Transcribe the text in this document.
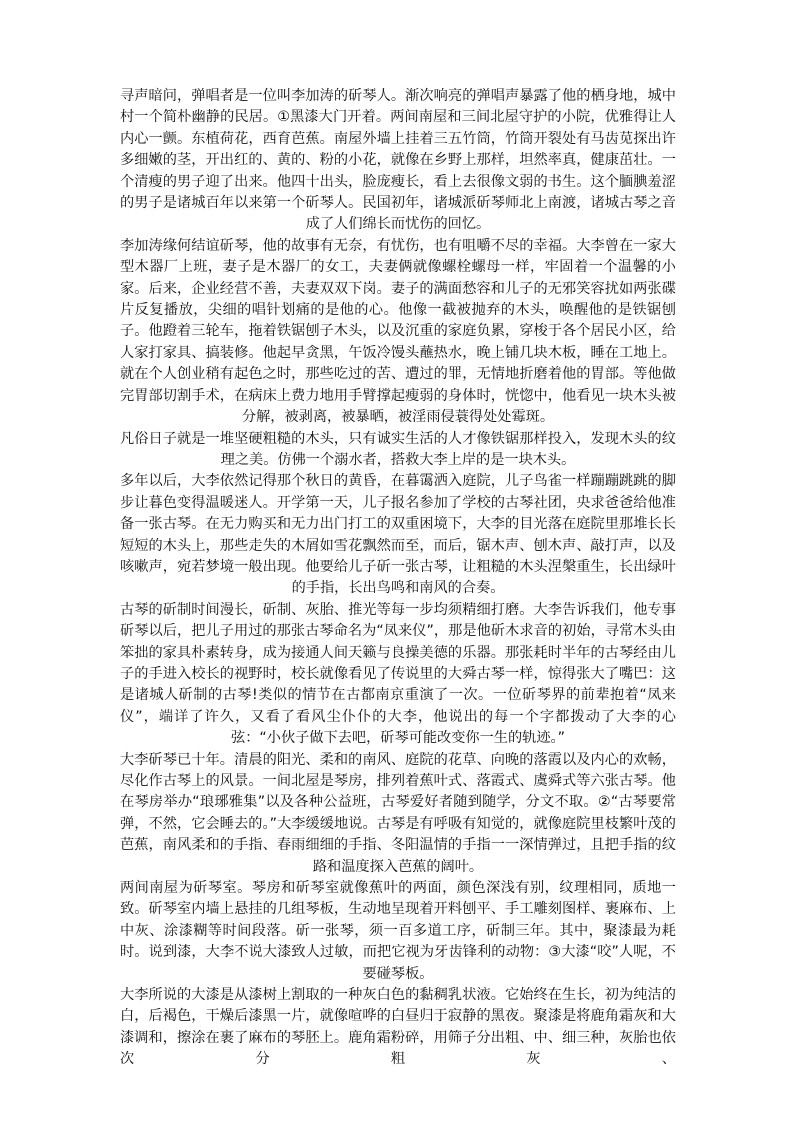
寻声暗问，弹唱者是一位叫李加涛的斫琴人。渐次响亮的弹唱声暴露了他的栖身地，城中村一个简朴幽静的民居。①黑漆大门开着。两间南屋和三间北屋守护的小院，优雅得让人内心一颤。东植荷花，西育芭蕉。南屋外墙上挂着三五竹筒，竹筒开裂处有马齿苋探出许多细嫩的茎，开出红的、黄的、粉的小花，就像在乡野上那样，坦然率真，健康茁壮。一个清瘦的男子迎了出来。他四十出头，脸庞瘦长，看上去很像文弱的书生。这个腼腆羞涩的男子是诸城百年以来第一个斫琴人。民国初年，诸城派斫琴师北上南渡，诸城古琴之音成了人们绵长而忧伤的回忆。

李加涛缘何结谊斫琴，他的故事有无奈，有忧伤，也有咀嚼不尽的幸福。大李曾在一家大型木器厂上班，妻子是木器厂的女工，夫妻俩就像螺栓螺母一样，牢固着一个温馨的小家。后来，企业经营不善，夫妻双双下岗。妻子的满面愁容和儿子的无邪笑容扰如两张碟片反复播放，尖细的唱针划痛的是他的心。他像一截被抛弃的木头，唤醒他的是铁锯刨子。他蹬着三轮车，拖着铁锯刨子木头，以及沉重的家庭负累，穿梭于各个居民小区，给人家打家具、搞装修。他起早贪黑，午饭冷馒头蘸热水，晚上铺几块木板，睡在工地上。就在个人创业稍有起色之时，那些吃过的苦、遭过的罪，无情地折磨着他的胃部。等他做完胃部切割手术，在病床上费力地用手臂撑起瘦弱的身体时，恍惚中，他看见一块木头被分解，被剥离，被暴晒，被淫雨侵蓑得处处霉斑。

凡俗日子就是一堆坚硬粗糙的木头，只有诚实生活的人才像铁锯那样投入，发现木头的纹理之美。仿佛一个溺水者，搭救大李上岸的是一块木头。

多年以后，大李依然记得那个秋日的黄昏，在暮霭洒入庭院，儿子鸟雀一样蹦蹦跳跳的脚步让暮色变得温暖迷人。开学第一天，儿子报名参加了学校的古琴社团，央求爸爸给他准备一张古琴。在无力购买和无力出门打工的双重困境下，大李的目光落在庭院里那堆长长短短的木头上，那些走失的木屑如雪花飘然而至，而后，锯木声、刨木声、敲打声，以及咳嗽声，宛若梦境一般出现。他要给儿子斫一张古琴，让粗糙的木头涅槃重生，长出绿叶的手指，长出鸟鸣和南风的合奏。

古琴的斫制时间漫长，斫制、灰胎、推光等每一步均须精细打磨。大李告诉我们，他专事斫琴以后，把儿子用过的那张古琴命名为“凤来仪”，那是他斫木求音的初始，寻常木头由笨拙的家具朴素转身，成为接通人间天籁与良操美德的乐器。那张耗时半年的古琴经由儿子的手进入校长的视野时，校长就像看见了传说里的大舜古琴一样，惊得张大了嘴巴：这是诸城人斫制的古琴!类似的情节在古都南京重演了一次。一位斫琴界的前辈抱着“凤来仪”，端详了许久，又看了看风尘仆仆的大李，他说出的每一个字都拨动了大李的心弦：“小伙子做下去吧，斫琴可能改变你一生的轨迹。”

大李斫琴已十年。清晨的阳光、柔和的南风、庭院的花草、向晚的落霞以及内心的欢畅，尽化作古琴上的风景。一间北屋是琴房，排列着蕉叶式、落霞式、虞舜式等六张古琴。他在琴房举办“琅琊雅集”以及各种公益班，古琴爱好者随到随学，分文不取。②“古琴要常弹，不然，它会睡去的。”大李缓缓地说。古琴是有呼吸有知觉的，就像庭院里枝繁叶茂的芭蕉，南风柔和的手指、春雨细细的手指、冬阳温情的手指一一深情弹过，且把手指的纹路和温度探入芭蕉的阔叶。

两间南屋为斫琴室。琴房和斫琴室就像蕉叶的两面，颜色深浅有别，纹理相同，质地一致。斫琴室内墙上悬挂的几组琴板，生动地呈现着开料刨平、手工雕刻图样、裹麻布、上中灰、涂漆糊等时间段落。斫一张琴，须一百多道工序，斫制三年。其中，聚漆最为耗时。说到漆，大李不说大漆致人过敏，而把它视为牙齿锋利的动物：③大漆“咬”人呢，不要碰琴板。

大李所说的大漆是从漆树上割取的一种灰白色的黏稠乳状液。它始终在生长，初为纯洁的白，后褐色，干燥后漆黑一片，就像喧哗的白昼归于寂静的黑夜。聚漆是将鹿角霜灰和大漆调和，擦涂在裹了麻布的琴胚上。鹿角霜粉碎，用筛子分出粗、中、细三种，灰胎也依次分粗灰、
